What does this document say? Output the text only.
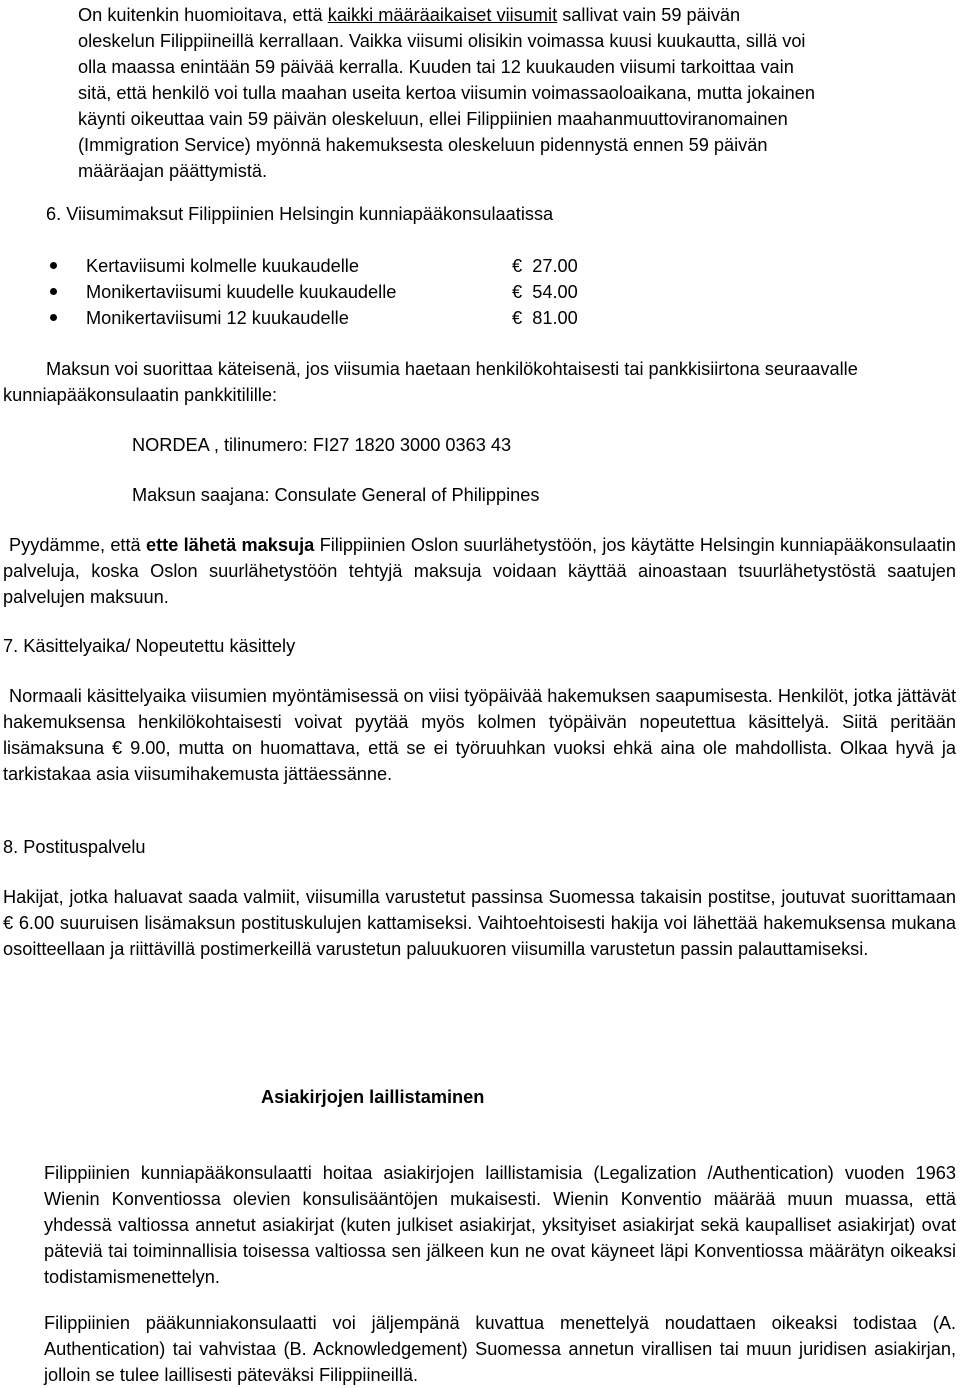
On kuitenkin huomioitava, että kaikki määräaikaiset viisumit sallivat vain 59 päivän
oleskelun Filippiineillä kerrallaan. Vaikka viisumi olisikin voimassa kuusi kuukautta, sillä voi
olla maassa enintään 59 päivää kerralla. Kuuden tai 12 kuukauden viisumi tarkoittaa vain
sitä, että henkilö voi tulla maahan useita kertoa viisumin voimassaoloaikana, mutta jokainen
käynti oikeuttaa vain 59 päivän oleskeluun, ellei Filippiinien maahanmuuttoviranomainen
(Immigration Service) myönnä hakemuksesta oleskeluun pidennystä ennen 59 päivän
määräajan päättymistä.
6. Viisumimaksut Filippiinien Helsingin kunniapääkonsulaatissa
Kertaviisumi kolmelle kuukaudelle	€ 27.00
Monikertaviisumi kuudelle kuukaudelle	€ 54.00
Monikertaviisumi 12 kuukaudelle	€ 81.00

Maksun voi suorittaa käteisenä, jos viisumia haetaan henkilökohtaisesti tai pankkisiirtona seuraavalle kunniapääkonsulaatin pankkitilille:

NORDEA , tilinumero: FI27 1820 3000 0363 43
Maksun saajana: Consulate General of Philippines

Pyydämme, että ette lähetä maksuja Filippiinien Oslon suurlähetystöön, jos käytätte Helsingin kunniapääkonsulaatin palveluja, koska Oslon suurlähetystöön tehtyjä maksuja voidaan käyttää ainoastaan tsuurlähetystöstä saatujen palvelujen maksuun.

7. Käsittelyaika/ Nopeutettu käsittely

Normaali käsittelyaika viisumien myöntämisessä on viisi työpäivää hakemuksen saapumisesta. Henkilöt, jotka jättävät hakemuksensa henkilökohtaisesti voivat pyytää myös kolmen työpäivän nopeutettua käsittelyä. Siitä peritään lisämaksuna € 9.00, mutta on huomattava, että se ei työruuhkan vuoksi ehkä aina ole mahdollista. Olkaa hyvä ja tarkistakaa asia viisumihakemusta jättäessänne.

8. Postituspalvelu

Hakijat, jotka haluavat saada valmiit, viisumilla varustetut passinsa Suomessa takaisin postitse, joutuvat suorittamaan € 6.00 suuruisen lisämaksun postituskulujen kattamiseksi. Vaihtoehtoisesti hakija voi lähettää hakemuksensa mukana osoitteellaan ja riittävillä postimerkeillä varustetun paluukuoren viisumilla varustetun passin palauttamiseksi.

Asiakirjojen laillistaminen

Filippiinien kunniapääkonsulaatti hoitaa asiakirjojen laillistamisia (Legalization /Authentication) vuoden 1963 Wienin Konventiossa olevien konsulisääntöjen mukaisesti. Wienin Konventio määrää muun muassa, että yhdessä valtiossa annetut asiakirjat (kuten julkiset asiakirjat, yksityiset asiakirjat sekä kaupalliset asiakirjat) ovat päteviä tai toiminnallisia toisessa valtiossa sen jälkeen kun ne ovat käyneet läpi Konventiossa määrätyn oikeaksi todistamismenettelyn.

Filippiinien pääkunniakonsulaatti voi jäljempänä kuvattua menettelyä noudattaen oikeaksi todistaa (A. Authentication) tai vahvistaa (B. Acknowledgement) Suomessa annetun virallisen tai muun juridisen asiakirjan, jolloin se tulee laillisesti päteväksi Filippiineillä.
